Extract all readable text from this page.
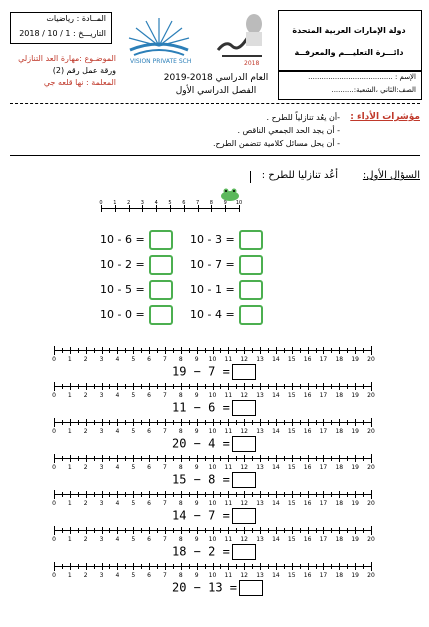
المــادة : رياضيات
التاريـــخ : 1 / 10 / 2018
VISION PRIVATE SCH	2018
دولة الإمارات العربية المتحدة
دائـــرة التعليـــم والمعرفــة
الموضـوع :مهارة العد التنازلي
ورقة عمل رقم (2)
المعلمة : نها قلعه جي	العام الدراسي 2018-2019
الفصل الدراسي الأول
الإسم : ......................................
الصف:الثاني ،الشعبة:..........
مؤشرات الأداء :
-أن يعُد تنازلياً للطرح .
- أن يجد الحد الجمعي الناقص .
- أن يحل مسائل كلامية تتضمن الطرح.
السؤال الأول:
أعُد تنازليا للطرح :
0 1 2 3 4 5 6 7 8 9 10
10 - 6 =
10 - 2 =
10 - 5 =
10 - 0 =
10 - 3 =
10 - 7 =
10 - 1 =
10 - 4 =
0 1 2 3 4 5 6 7 8 9 10 11 12 13 14 15 16 17 18 19 20
19 − 7 =
0 1 2 3 4 5 6 7 8 9 10 11 12 13 14 15 16 17 18 19 20
11 − 6 =
0 1 2 3 4 5 6 7 8 9 10 11 12 13 14 15 16 17 18 19 20
20 − 4 =
0 1 2 3 4 5 6 7 8 9 10 11 12 13 14 15 16 17 18 19 20
15 − 8 =
0 1 2 3 4 5 6 7 8 9 10 11 12 13 14 15 16 17 18 19 20
14 − 7 =
0 1 2 3 4 5 6 7 8 9 10 11 12 13 14 15 16 17 18 19 20
18 − 2 =
0 1 2 3 4 5 6 7 8 9 10 11 12 13 14 15 16 17 18 19 20
20 − 13 =
